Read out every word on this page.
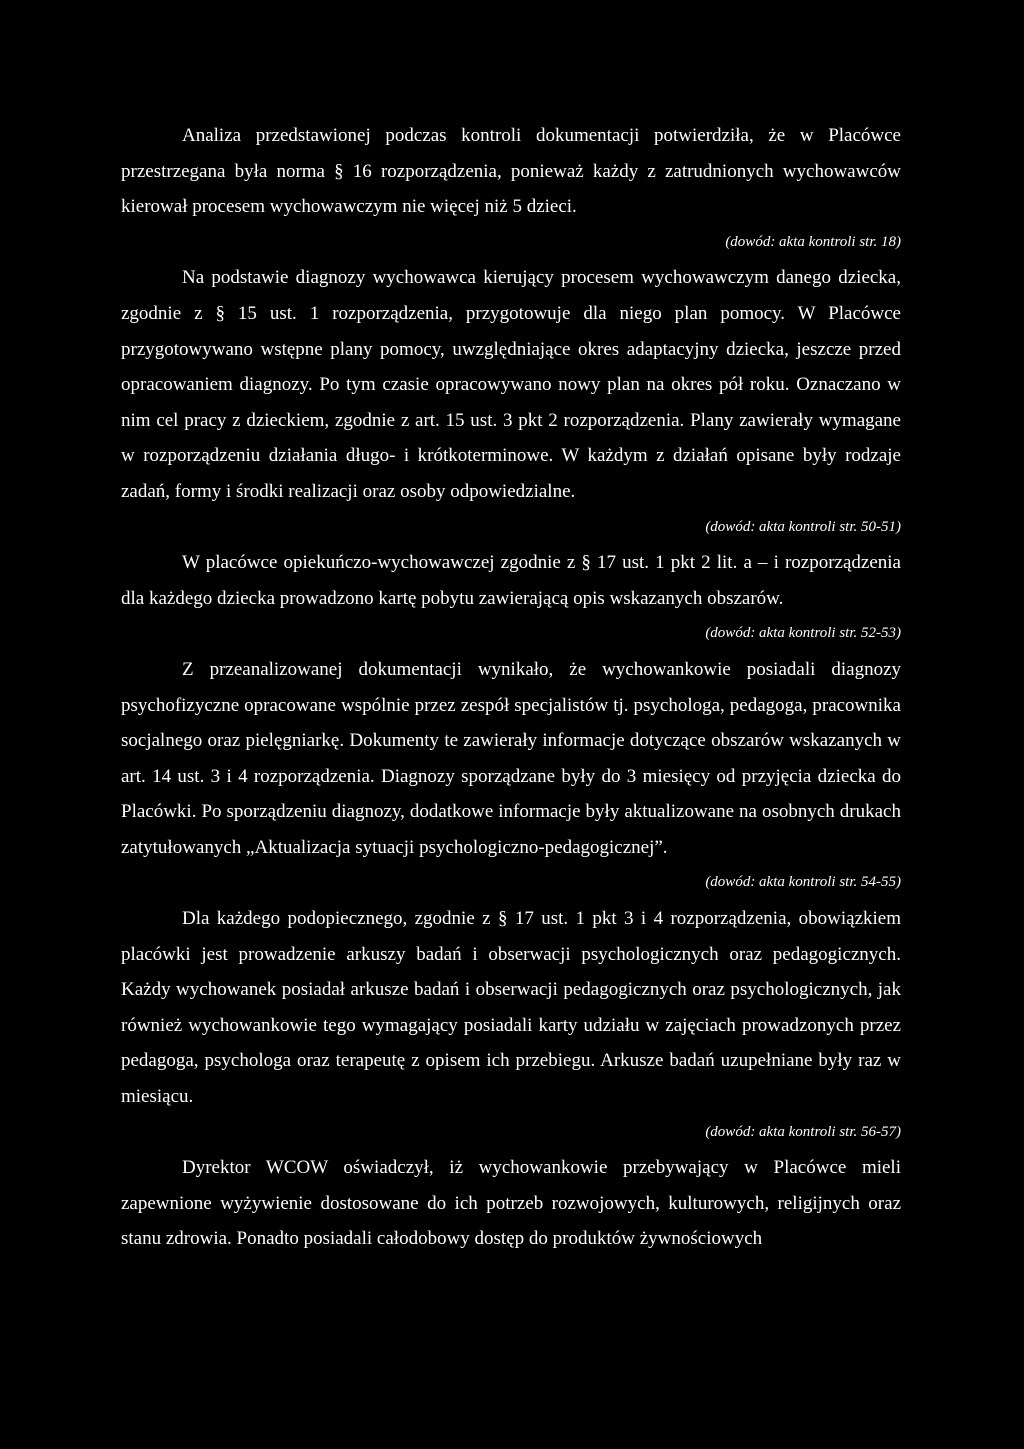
Analiza przedstawionej podczas kontroli dokumentacji potwierdziła, że w Placówce przestrzegana była norma § 16 rozporządzenia, ponieważ każdy z zatrudnionych wychowawców kierował procesem wychowawczym nie więcej niż 5 dzieci.

(dowód: akta kontroli str. 18)

Na podstawie diagnozy wychowawca kierujący procesem wychowawczym danego dziecka, zgodnie z § 15 ust. 1 rozporządzenia, przygotowuje dla niego plan pomocy. W Placówce przygotowywano wstępne plany pomocy, uwzględniające okres adaptacyjny dziecka, jeszcze przed opracowaniem diagnozy. Po tym czasie opracowywano nowy plan na okres pół roku. Oznaczano w nim cel pracy z dzieckiem, zgodnie z art. 15 ust. 3 pkt 2 rozporządzenia. Plany zawierały wymagane w rozporządzeniu działania długo- i krótkoterminowe. W każdym z działań opisane były rodzaje zadań, formy i środki realizacji oraz osoby odpowiedzialne.

(dowód: akta kontroli str. 50-51)

W placówce opiekuńczo-wychowawczej zgodnie z § 17 ust. 1 pkt 2 lit. a – i rozporządzenia dla każdego dziecka prowadzono kartę pobytu zawierającą opis wskazanych obszarów.

(dowód: akta kontroli str. 52-53)

Z przeanalizowanej dokumentacji wynikało, że wychowankowie posiadali diagnozy psychofizyczne opracowane wspólnie przez zespół specjalistów tj. psychologa, pedagoga, pracownika socjalnego oraz pielęgniarkę. Dokumenty te zawierały informacje dotyczące obszarów wskazanych w art. 14 ust. 3 i 4 rozporządzenia. Diagnozy sporządzane były do 3 miesięcy od przyjęcia dziecka do Placówki. Po sporządzeniu diagnozy, dodatkowe informacje były aktualizowane na osobnych drukach zatytułowanych „Aktualizacja sytuacji psychologiczno-pedagogicznej”.

(dowód: akta kontroli str. 54-55)

Dla każdego podopiecznego, zgodnie z § 17 ust. 1 pkt 3 i 4 rozporządzenia, obowiązkiem placówki jest prowadzenie arkuszy badań i obserwacji psychologicznych oraz pedagogicznych. Każdy wychowanek posiadał arkusze badań i obserwacji pedagogicznych oraz psychologicznych, jak również wychowankowie tego wymagający posiadali karty udziału w zajęciach prowadzonych przez pedagoga, psychologa oraz terapeutę z opisem ich przebiegu. Arkusze badań uzupełniane były raz w miesiącu.

(dowód: akta kontroli str. 56-57)

Dyrektor WCOW oświadczył, iż wychowankowie przebywający w Placówce mieli zapewnione wyżywienie dostosowane do ich potrzeb rozwojowych, kulturowych, religijnych oraz stanu zdrowia. Ponadto posiadali całodobowy dostęp do produktów żywnościowych
